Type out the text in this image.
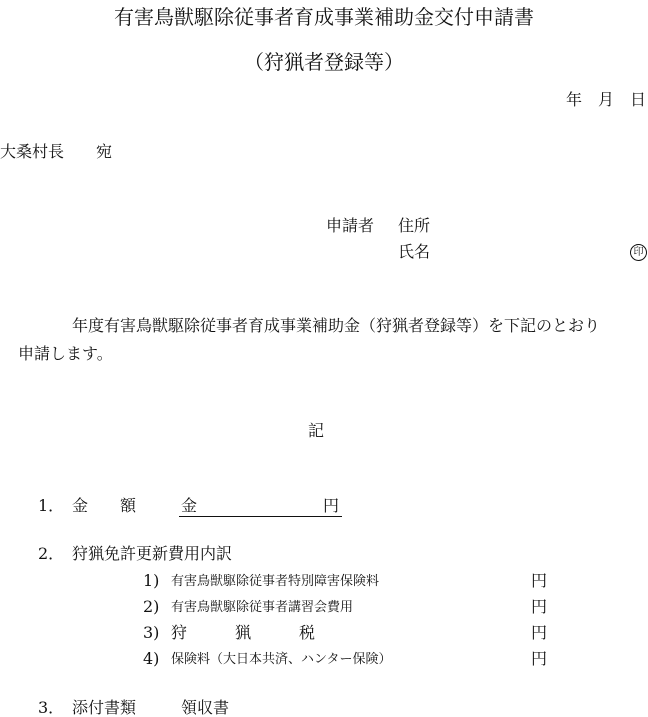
有害鳥獣駆除従事者育成事業補助金交付申請書
（狩猟者登録等）
年　月　日
大桑村長　　宛
申請者 住所
氏名	印
年度有害鳥獣駆除従事者育成事業補助金（狩猟者登録等）を下記のとおり
申請します。
記
1． 金　　額	金	円
2． 狩猟免許更新費用内訳
1) 有害鳥獣駆除従事者特別障害保険料	円
2) 有害鳥獣駆除従事者講習会費用	円
3) 狩　　　猟　　　税	円
4) 保険料（大日本共済、ハンター保険）	円
3． 添付書類	領収書
